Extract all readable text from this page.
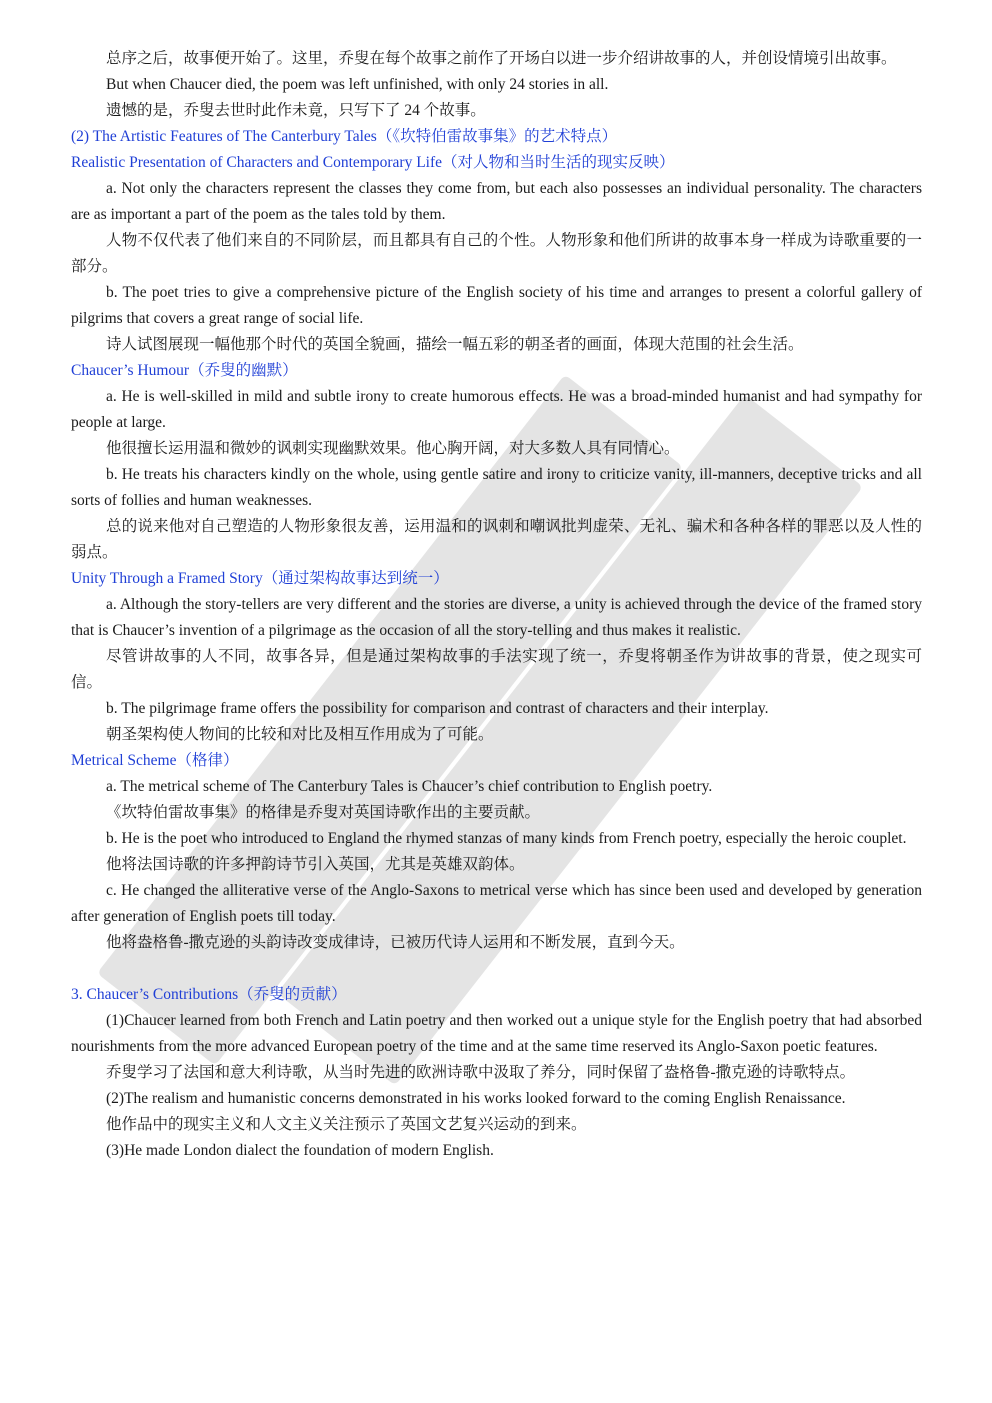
总序之后，故事便开始了。这里，乔叟在每个故事之前作了开场白以进一步介绍讲故事的人，并创设情境引出故事。

But when Chaucer died, the poem was left unfinished, with only 24 stories in all.

遗憾的是，乔叟去世时此作未竟，只写下了 24 个故事。

(2) The Artistic Features of The Canterbury Tales（《坎特伯雷故事集》的艺术特点）

Realistic Presentation of Characters and Contemporary Life（对人物和当时生活的现实反映）

a. Not only the characters represent the classes they come from, but each also possesses an individual personality. The characters are as important a part of the poem as the tales told by them.

人物不仅代表了他们来自的不同阶层，而且都具有自己的个性。人物形象和他们所讲的故事本身一样成为诗歌重要的一部分。

b. The poet tries to give a comprehensive picture of the English society of his time and arranges to present a colorful gallery of pilgrims that covers a great range of social life.

诗人试图展现一幅他那个时代的英国全貌画，描绘一幅五彩的朝圣者的画面，体现大范围的社会生活。

Chaucer’s Humour（乔叟的幽默）

a. He is well-skilled in mild and subtle irony to create humorous effects. He was a broad-minded humanist and had sympathy for people at large.

他很擅长运用温和微妙的讽刺实现幽默效果。他心胸开阔，对大多数人具有同情心。

b. He treats his characters kindly on the whole, using gentle satire and irony to criticize vanity, ill-manners, deceptive tricks and all sorts of follies and human weaknesses.

总的说来他对自己塑造的人物形象很友善，运用温和的讽刺和嘲讽批判虚荣、无礼、骗术和各种各样的罪恶以及人性的弱点。

Unity Through a Framed Story（通过架构故事达到统一）

a. Although the story-tellers are very different and the stories are diverse, a unity is achieved through the device of the framed story that is Chaucer’s invention of a pilgrimage as the occasion of all the story-telling and thus makes it realistic.

尽管讲故事的人不同，故事各异，但是通过架构故事的手法实现了统一，乔叟将朝圣作为讲故事的背景，使之现实可信。

b. The pilgrimage frame offers the possibility for comparison and contrast of characters and their interplay.

朝圣架构使人物间的比较和对比及相互作用成为了可能。

Metrical Scheme（格律）

a. The metrical scheme of The Canterbury Tales is Chaucer’s chief contribution to English poetry.

《坎特伯雷故事集》的格律是乔叟对英国诗歌作出的主要贡献。

b. He is the poet who introduced to England the rhymed stanzas of many kinds from French poetry, especially the heroic couplet.

他将法国诗歌的许多押韵诗节引入英国，尤其是英雄双韵体。

c. He changed the alliterative verse of the Anglo-Saxons to metrical verse which has since been used and developed by generation after generation of English poets till today.

他将盎格鲁-撒克逊的头韵诗改变成律诗，已被历代诗人运用和不断发展，直到今天。

3. Chaucer’s Contributions（乔叟的贡献）

(1)Chaucer learned from both French and Latin poetry and then worked out a unique style for the English poetry that had absorbed nourishments from the more advanced European poetry of the time and at the same time reserved its Anglo-Saxon poetic features.

乔叟学习了法国和意大利诗歌，从当时先进的欧洲诗歌中汲取了养分，同时保留了盎格鲁-撒克逊的诗歌特点。

(2)The realism and humanistic concerns demonstrated in his works looked forward to the coming English Renaissance.

他作品中的现实主义和人文主义关注预示了英国文艺复兴运动的到来。

(3)He made London dialect the foundation of modern English.
